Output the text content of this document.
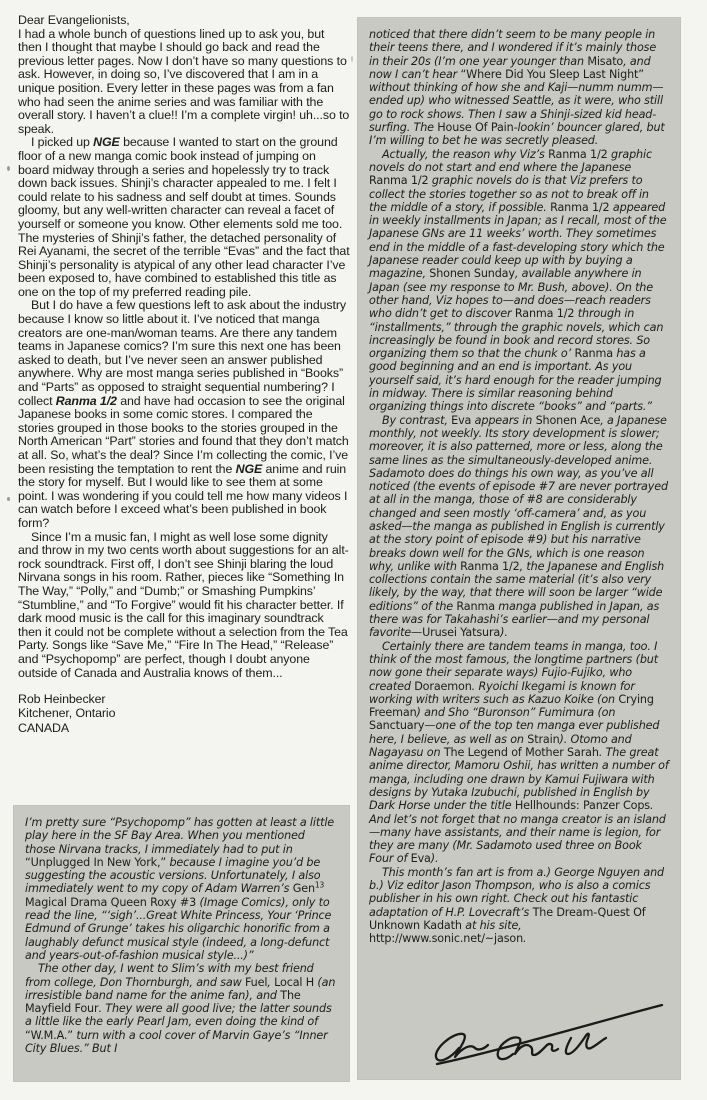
Dear Evangelionists,

I had a whole bunch of questions lined up to ask you, but then I thought that maybe I should go back and read the previous letter pages. Now I don’t have so many questions to ask. However, in doing so, I’ve discovered that I am in a unique position. Every letter in these pages was from a fan who had seen the anime series and was familiar with the overall story. I haven’t a clue!! I’m a complete virgin! uh...so to speak.

I picked up NGE because I wanted to start on the ground floor of a new manga comic book instead of jumping on board midway through a series and hopelessly try to track down back issues. Shinji’s character appealed to me. I felt I could relate to his sadness and self doubt at times. Sounds gloomy, but any well-written character can reveal a facet of yourself or someone you know. Other elements sold me too. The mysteries of Shinji’s father, the detached personality of Rei Ayanami, the secret of the terrible “Evas” and the fact that Shinji’s personality is atypical of any other lead character I’ve been exposed to, have combined to established this title as one on the top of my preferred reading pile.

But I do have a few questions left to ask about the industry because I know so little about it. I’ve noticed that manga creators are one-man/woman teams. Are there any tandem teams in Japanese comics? I’m sure this next one has been asked to death, but I’ve never seen an answer published anywhere. Why are most manga series published in “Books” and “Parts” as opposed to straight sequential numbering? I collect Ranma 1/2 and have had occasion to see the original Japanese books in some comic stores. I compared the stories grouped in those books to the stories grouped in the North American “Part” stories and found that they don’t match at all. So, what’s the deal? Since I’m collecting the comic, I’ve been resisting the temptation to rent the NGE anime and ruin the story for myself. But I would like to see them at some point. I was wondering if you could tell me how many videos I can watch before I exceed what’s been published in book form?

Since I’m a music fan, I might as well lose some dignity and throw in my two cents worth about suggestions for an alt-rock soundtrack. First off, I don’t see Shinji blaring the loud Nirvana songs in his room. Rather, pieces like “Something In The Way,” “Polly,” and “Dumb;” or Smashing Pumpkins’ “Stumbline,” and “To Forgive” would fit his character better. If dark mood music is the call for this imaginary soundtrack then it could not be complete without a selection from the Tea Party. Songs like “Save Me,” “Fire In The Head,” “Release” and “Psychopomp” are perfect, though I doubt anyone outside of Canada and Australia knows of them...

Rob Heinbecker
Kitchener, Ontario
CANADA

I’m pretty sure “Psychopomp” has gotten at least a little play here in the SF Bay Area. When you mentioned those Nirvana tracks, I immediately had to put in “Unplugged In New York,” because I imagine you’d be suggesting the acoustic versions. Unfortunately, I also immediately went to my copy of Adam Warren’s Gen$^{13}$ Magical Drama Queen Roxy #3 (Image Comics), only to read the line, “‘sigh’...Great White Princess, Your ‘Prince Edmund of Grunge’ takes his oligarchic honorific from a laughably defunct musical style (indeed, a long-defunct and years-out-of-fashion musical style...)”

The other day, I went to Slim’s with my best friend from college, Don Thornburgh, and saw Fuel, Local H (an irresistible band name for the anime fan), and The Mayfield Four. They were all good live; the latter sounds a little like the early Pearl Jam, even doing the kind of “W.M.A.” turn with a cool cover of Marvin Gaye’s “Inner City Blues.” But I

noticed that there didn’t seem to be many people in their teens there, and I wondered if it’s mainly those in their 20s (I’m one year younger than Misato, and now I can’t hear “Where Did You Sleep Last Night” without thinking of how she and Kaji—numm numm—ended up) who witnessed Seattle, as it were, who still go to rock shows. Then I saw a Shinji-sized kid head-surfing. The House Of Pain-lookin’ bouncer glared, but I’m willing to bet he was secretly pleased.

Actually, the reason why Viz’s Ranma 1/2 graphic novels do not start and end where the Japanese Ranma 1/2 graphic novels do is that Viz prefers to collect the stories together so as not to break off in the middle of a story, if possible. Ranma 1/2 appeared in weekly installments in Japan; as I recall, most of the Japanese GNs are 11 weeks’ worth. They sometimes end in the middle of a fast-developing story which the Japanese reader could keep up with by buying a magazine, Shonen Sunday, available anywhere in Japan (see my response to Mr. Bush, above). On the other hand, Viz hopes to—and does—reach readers who didn’t get to discover Ranma 1/2 through in “installments,” through the graphic novels, which can increasingly be found in book and record stores. So organizing them so that the chunk o’ Ranma has a good beginning and an end is important. As you yourself said, it’s hard enough for the reader jumping in midway. There is similar reasoning behind organizing things into discrete “books” and “parts.”

By contrast, Eva appears in Shonen Ace, a Japanese monthly, not weekly. Its story development is slower; moreover, it is also patterned, more or less, along the same lines as the simultaneously-developed anime. Sadamoto does do things his own way, as you’ve all noticed (the events of episode #7 are never portrayed at all in the manga, those of #8 are considerably changed and seen mostly ‘off-camera’ and, as you asked—the manga as published in English is currently at the story point of episode #9) but his narrative breaks down well for the GNs, which is one reason why, unlike with Ranma 1/2, the Japanese and English collections contain the same material (it’s also very likely, by the way, that there will soon be larger “wide editions” of the Ranma manga published in Japan, as there was for Takahashi’s earlier—and my personal favorite—Urusei Yatsura).

Certainly there are tandem teams in manga, too. I think of the most famous, the longtime partners (but now gone their separate ways) Fujio-Fujiko, who created Doraemon. Ryoichi Ikegami is known for working with writers such as Kazuo Koike (on Crying Freeman) and Sho “Buronson” Fumimura (on Sanctuary—one of the top ten manga ever published here, I believe, as well as on Strain). Otomo and Nagayasu on The Legend of Mother Sarah. The great anime director, Mamoru Oshii, has written a number of manga, including one drawn by Kamui Fujiwara with designs by Yutaka Izubuchi, published in English by Dark Horse under the title Hellhounds: Panzer Cops. And let’s not forget that no manga creator is an island—many have assistants, and their name is legion, for they are many (Mr. Sadamoto used three on Book Four of Eva).

This month’s fan art is from a.) George Nguyen and b.) Viz editor Jason Thompson, who is also a comics publisher in his own right. Check out his fantastic adaptation of H.P. Lovecraft’s The Dream-Quest Of Unknown Kadath at his site, http://www.sonic.net/~jason.
